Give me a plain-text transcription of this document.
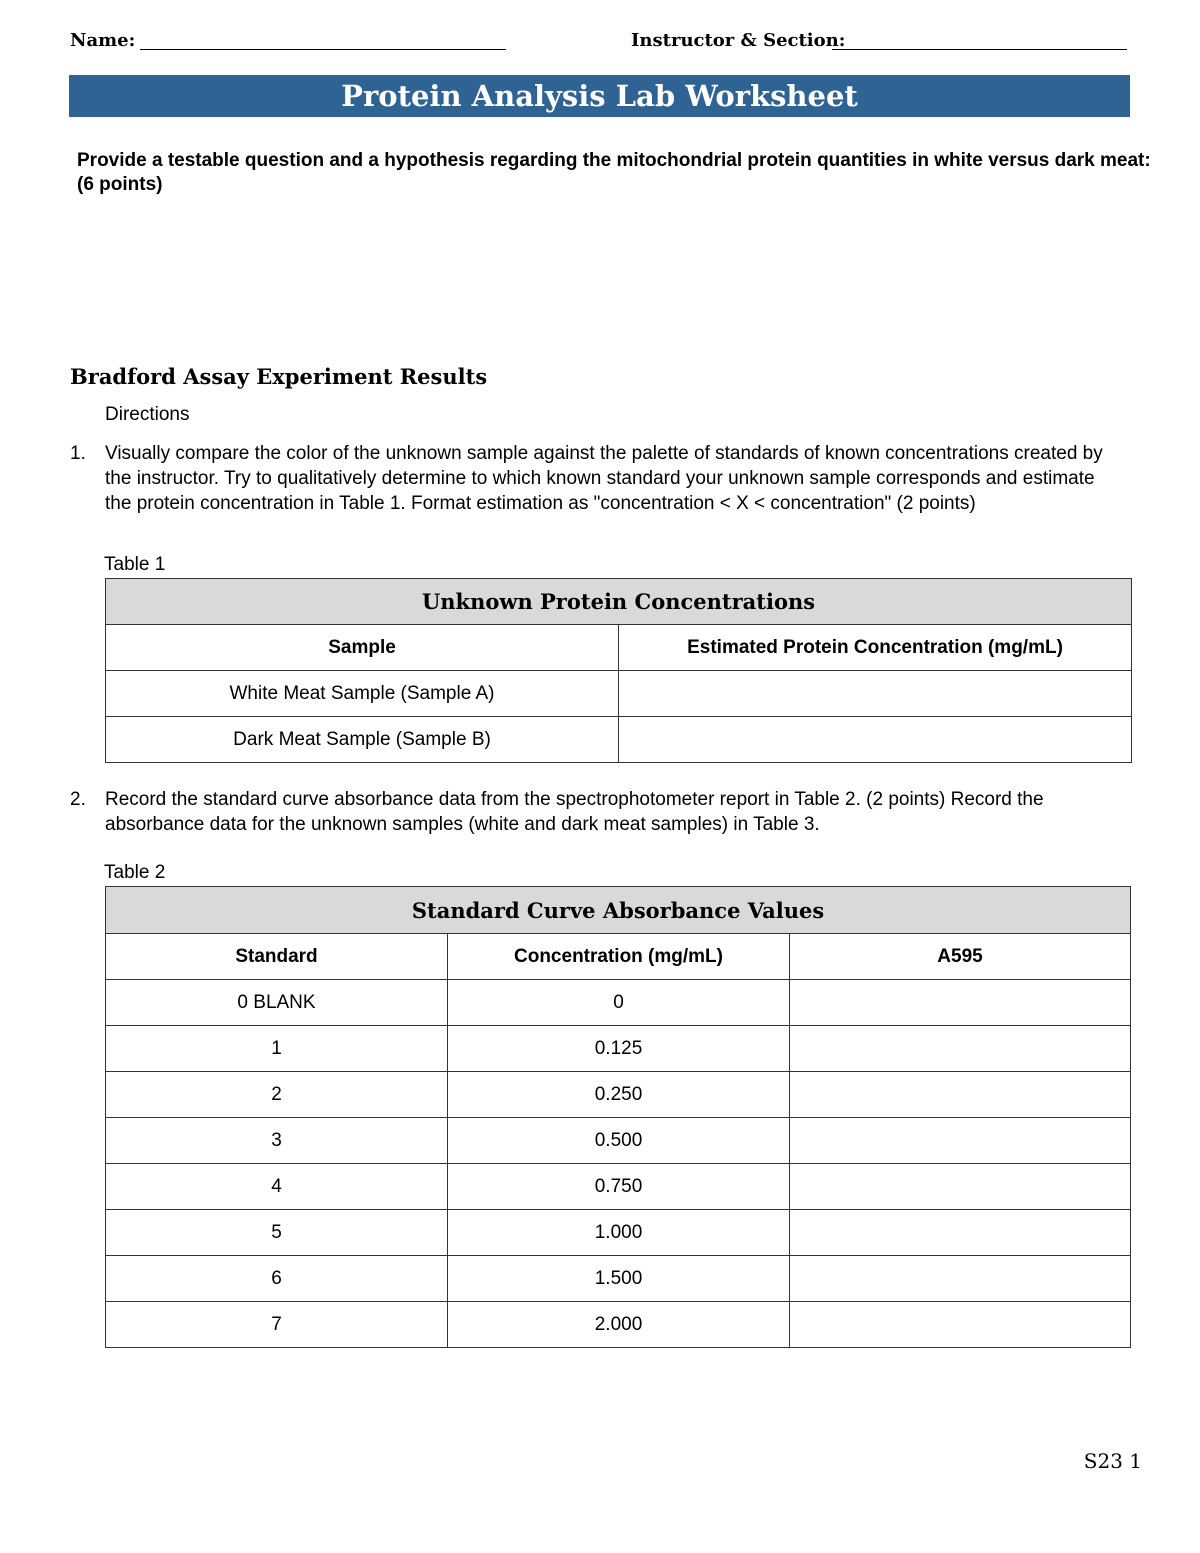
Name:	Instructor & Section:
Protein Analysis Lab Worksheet
Provide a testable question and a hypothesis regarding the mitochondrial protein quantities in white versus dark meat: (6 points)
Bradford Assay Experiment Results
Directions
1. Visually compare the color of the unknown sample against the palette of standards of known concentrations created by the instructor. Try to qualitatively determine to which known standard your unknown sample corresponds and estimate the protein concentration in Table 1. Format estimation as "concentration < X < concentration" (2 points)
Table 1
Unknown Protein Concentrations	
Sample	Estimated Protein Concentration (mg/mL)
White Meat Sample (Sample A)	
Dark Meat Sample (Sample B)	
2. Record the standard curve absorbance data from the spectrophotometer report in Table 2. (2 points) Record the absorbance data for the unknown samples (white and dark meat samples) in Table 3.
Table 2
Standard Curve Absorbance Values		
Standard	Concentration (mg/mL)	A595
0 BLANK	0	
1	0.125	
2	0.250	
3	0.500	
4	0.750	
5	1.000	
6	1.500	
7	2.000	
S23 1
